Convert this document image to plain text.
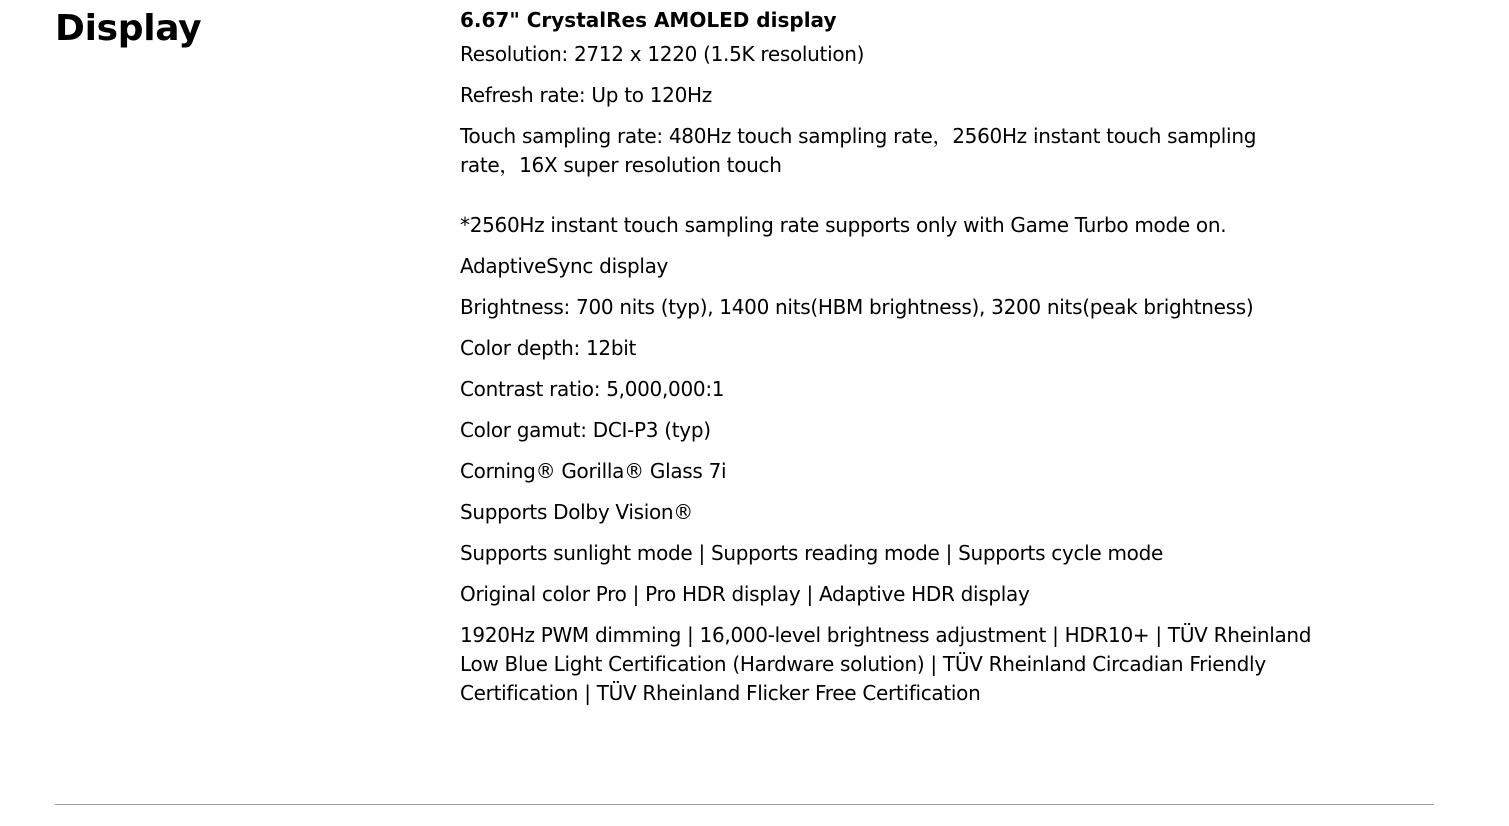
Display	6.67" CrystalRes AMOLED display

Resolution: 2712 x 1220 (1.5K resolution)

Refresh rate: Up to 120Hz

Touch sampling rate: 480Hz touch sampling rate，2560Hz instant touch sampling rate，16X super resolution touch

*2560Hz instant touch sampling rate supports only with Game Turbo mode on.

AdaptiveSync display

Brightness: 700 nits (typ), 1400 nits(HBM brightness), 3200 nits(peak brightness)

Color depth: 12bit

Contrast ratio: 5,000,000:1

Color gamut: DCI-P3 (typ)

Corning® Gorilla® Glass 7i

Supports Dolby Vision®

Supports sunlight mode | Supports reading mode | Supports cycle mode

Original color Pro | Pro HDR display | Adaptive HDR display

1920Hz PWM dimming | 16,000-level brightness adjustment | HDR10+ | TÜV Rheinland Low Blue Light Certification (Hardware solution) | TÜV Rheinland Circadian Friendly Certification | TÜV Rheinland Flicker Free Certification
